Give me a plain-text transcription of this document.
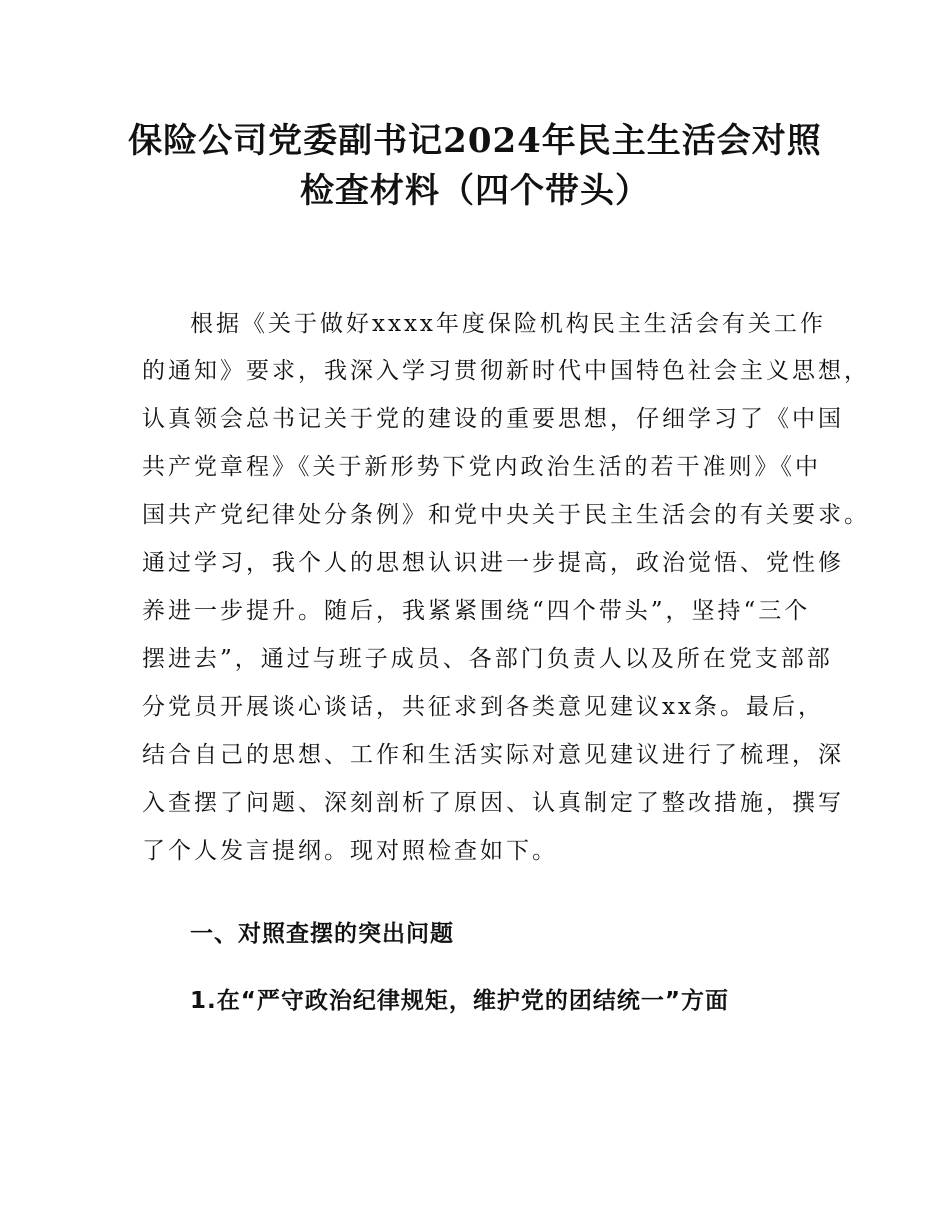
保险公司党委副书记2024年民主生活会对照
检查材料（四个带头）

根据《关于做好xxxx年度保险机构民主生活会有关工作

的通知》要求，我深入学习贯彻新时代中国特色社会主义思想，

认真领会总书记关于党的建设的重要思想，仔细学习了《中国

共产党章程》《关于新形势下党内政治生活的若干准则》《中

国共产党纪律处分条例》和党中央关于民主生活会的有关要求。

通过学习，我个人的思想认识进一步提高，政治觉悟、党性修

养进一步提升。随后，我紧紧围绕“四个带头”，坚持“三个

摆进去”，通过与班子成员、各部门负责人以及所在党支部部

分党员开展谈心谈话，共征求到各类意见建议xx条。最后，

结合自己的思想、工作和生活实际对意见建议进行了梳理，深

入查摆了问题、深刻剖析了原因、认真制定了整改措施，撰写

了个人发言提纲。现对照检查如下。

一、对照查摆的突出问题
1.在“严守政治纪律规矩，维护党的团结统一”方面
